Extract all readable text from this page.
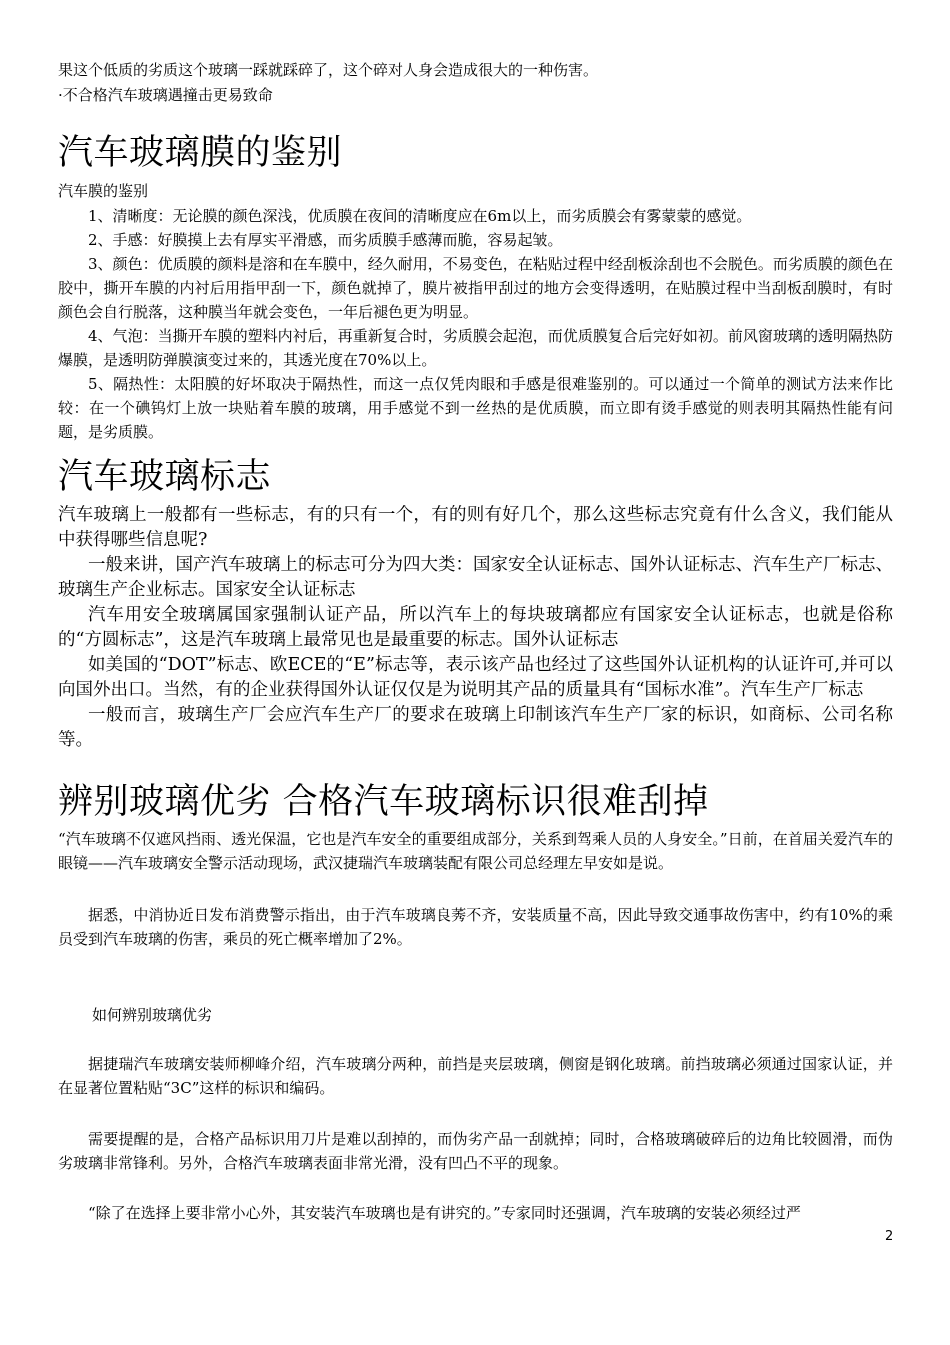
果这个低质的劣质这个玻璃一踩就踩碎了，这个碎对人身会造成很大的一种伤害。

·不合格汽车玻璃遇撞击更易致命

汽车玻璃膜的鉴别

汽车膜的鉴别

1、清晰度：无论膜的颜色深浅，优质膜在夜间的清晰度应在6m以上，而劣质膜会有雾蒙蒙的感觉。

2、手感：好膜摸上去有厚实平滑感，而劣质膜手感薄而脆，容易起皱。

3、颜色：优质膜的颜料是溶和在车膜中，经久耐用，不易变色，在粘贴过程中经刮板涂刮也不会脱色。而劣质膜的颜色在胶中，撕开车膜的内衬后用指甲刮一下，颜色就掉了，膜片被指甲刮过的地方会变得透明，在贴膜过程中当刮板刮膜时，有时颜色会自行脱落，这种膜当年就会变色，一年后褪色更为明显。

4、气泡：当撕开车膜的塑料内衬后，再重新复合时，劣质膜会起泡，而优质膜复合后完好如初。前风窗玻璃的透明隔热防爆膜，是透明防弹膜演变过来的，其透光度在70%以上。

5、隔热性：太阳膜的好坏取决于隔热性，而这一点仅凭肉眼和手感是很难鉴别的。可以通过一个简单的测试方法来作比较：在一个碘钨灯上放一块贴着车膜的玻璃，用手感觉不到一丝热的是优质膜，而立即有烫手感觉的则表明其隔热性能有问题，是劣质膜。

汽车玻璃标志

汽车玻璃上一般都有一些标志，有的只有一个，有的则有好几个，那么这些标志究竟有什么含义，我们能从中获得哪些信息呢?

一般来讲，国产汽车玻璃上的标志可分为四大类：国家安全认证标志、国外认证标志、汽车生产厂标志、玻璃生产企业标志。国家安全认证标志

汽车用安全玻璃属国家强制认证产品，所以汽车上的每块玻璃都应有国家安全认证标志，也就是俗称的“方圆标志”，这是汽车玻璃上最常见也是最重要的标志。国外认证标志

如美国的“DOT”标志、欧ECE的“E”标志等，表示该产品也经过了这些国外认证机构的认证许可,并可以向国外出口。当然，有的企业获得国外认证仅仅是为说明其产品的质量具有“国标水准”。汽车生产厂标志

一般而言，玻璃生产厂会应汽车生产厂的要求在玻璃上印制该汽车生产厂家的标识，如商标、公司名称等。

辨别玻璃优劣 合格汽车玻璃标识很难刮掉

“汽车玻璃不仅遮风挡雨、透光保温，它也是汽车安全的重要组成部分，关系到驾乘人员的人身安全。”日前，在首届关爱汽车的眼镜——汽车玻璃安全警示活动现场，武汉捷瑞汽车玻璃装配有限公司总经理左早安如是说。

据悉，中消协近日发布消费警示指出，由于汽车玻璃良莠不齐，安装质量不高，因此导致交通事故伤害中，约有10%的乘员受到汽车玻璃的伤害，乘员的死亡概率增加了2%。

如何辨别玻璃优劣

据捷瑞汽车玻璃安装师柳峰介绍，汽车玻璃分两种，前挡是夹层玻璃，侧窗是钢化玻璃。前挡玻璃必须通过国家认证，并在显著位置粘贴“3C”这样的标识和编码。

需要提醒的是，合格产品标识用刀片是难以刮掉的，而伪劣产品一刮就掉；同时，合格玻璃破碎后的边角比较圆滑，而伪劣玻璃非常锋利。另外，合格汽车玻璃表面非常光滑，没有凹凸不平的现象。

“除了在选择上要非常小心外，其安装汽车玻璃也是有讲究的。”专家同时还强调，汽车玻璃的安装必须经过严

2
